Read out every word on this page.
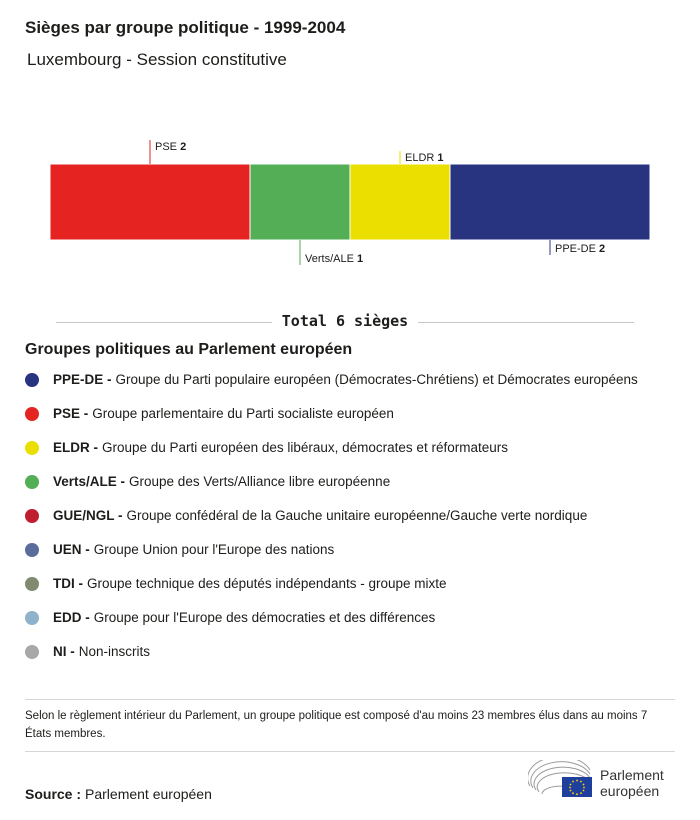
Sièges par groupe politique - 1999-2004
Luxembourg - Session constitutive
PSE 2
Verts/ALE 1
ELDR 1
PPE-DE 2
Total 6 sièges
Groupes politiques au Parlement européen
PPE-DE - Groupe du Parti populaire européen (Démocrates-Chrétiens) et Démocrates européens
PSE - Groupe parlementaire du Parti socialiste européen
ELDR - Groupe du Parti européen des libéraux, démocrates et réformateurs
Verts/ALE - Groupe des Verts/Alliance libre européenne
GUE/NGL - Groupe confédéral de la Gauche unitaire européenne/Gauche verte nordique
UEN - Groupe Union pour l'Europe des nations
TDI - Groupe technique des députés indépendants - groupe mixte
EDD - Groupe pour l'Europe des démocraties et des différences
NI - Non-inscrits
Selon le règlement intérieur du Parlement, un groupe politique est composé d'au moins 23 membres élus dans au moins 7 États membres.
Source : Parlement européen
Parlement
européen
